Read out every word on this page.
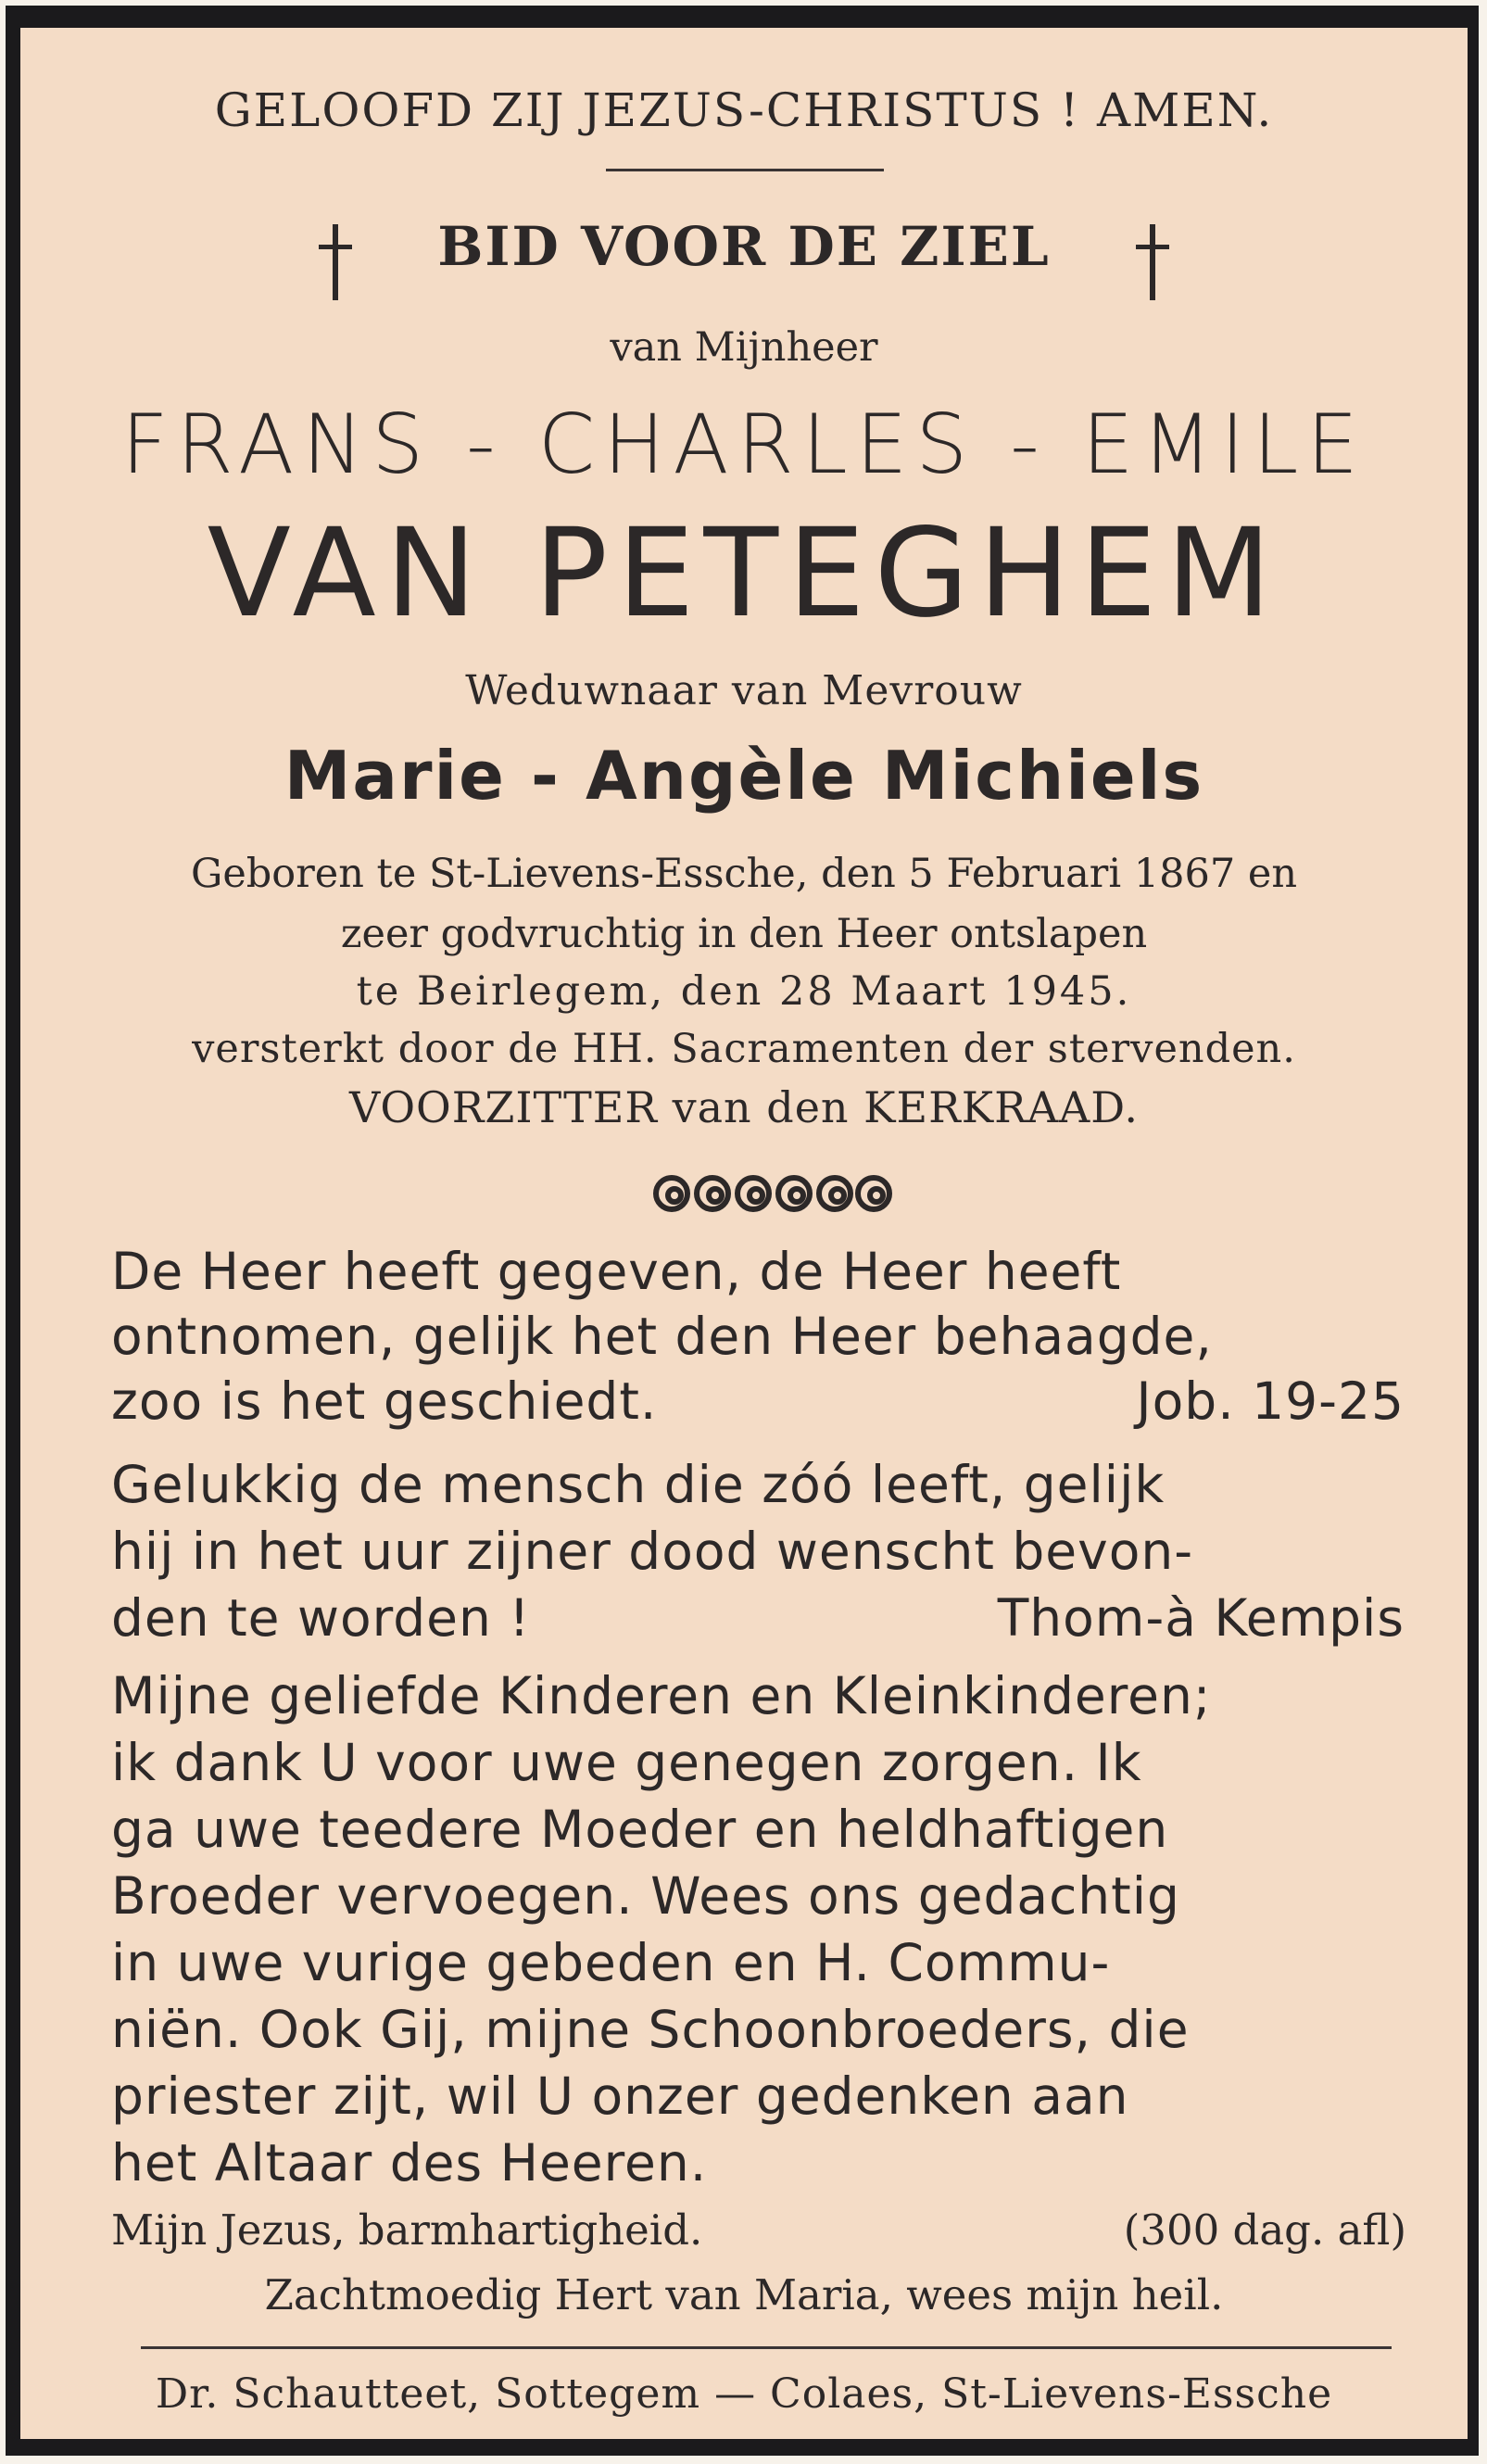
GELOOFD ZIJ JEZUS-CHRISTUS ! AMEN.
BID VOOR DE ZIEL
van Mijnheer
FRANS - CHARLES - EMILE
VAN PETEGHEM
Weduwnaar van Mevrouw
Marie - Angèle Michiels
Geboren te St-Lievens-Essche, den 5 Februari 1867 en
zeer godvruchtig in den Heer ontslapen
te Beirlegem, den 28 Maart 1945.
versterkt door de HH. Sacramenten der stervenden.
VOORZITTER van den KERKRAAD.
De Heer heeft gegeven, de Heer heeft
ontnomen, gelijk het den Heer behaagde,
zoo is het geschiedt.	Job. 19-25
Gelukkig de mensch die zóó leeft, gelijk
hij in het uur zijner dood wenscht bevon-
den te worden !	Thom-à Kempis
Mijne geliefde Kinderen en Kleinkinderen;
ik dank U voor uwe genegen zorgen. Ik
ga uwe teedere Moeder en heldhaftigen
Broeder vervoegen. Wees ons gedachtig
in uwe vurige gebeden en H. Commu-
niën. Ook Gij, mijne Schoonbroeders, die
priester zijt, wil U onzer gedenken aan
het Altaar des Heeren.
Mijn Jezus, barmhartigheid.	(300 dag. afl)
Zachtmoedig Hert van Maria, wees mijn heil.
Dr. Schautteet, Sottegem — Colaes, St-Lievens-Essche
